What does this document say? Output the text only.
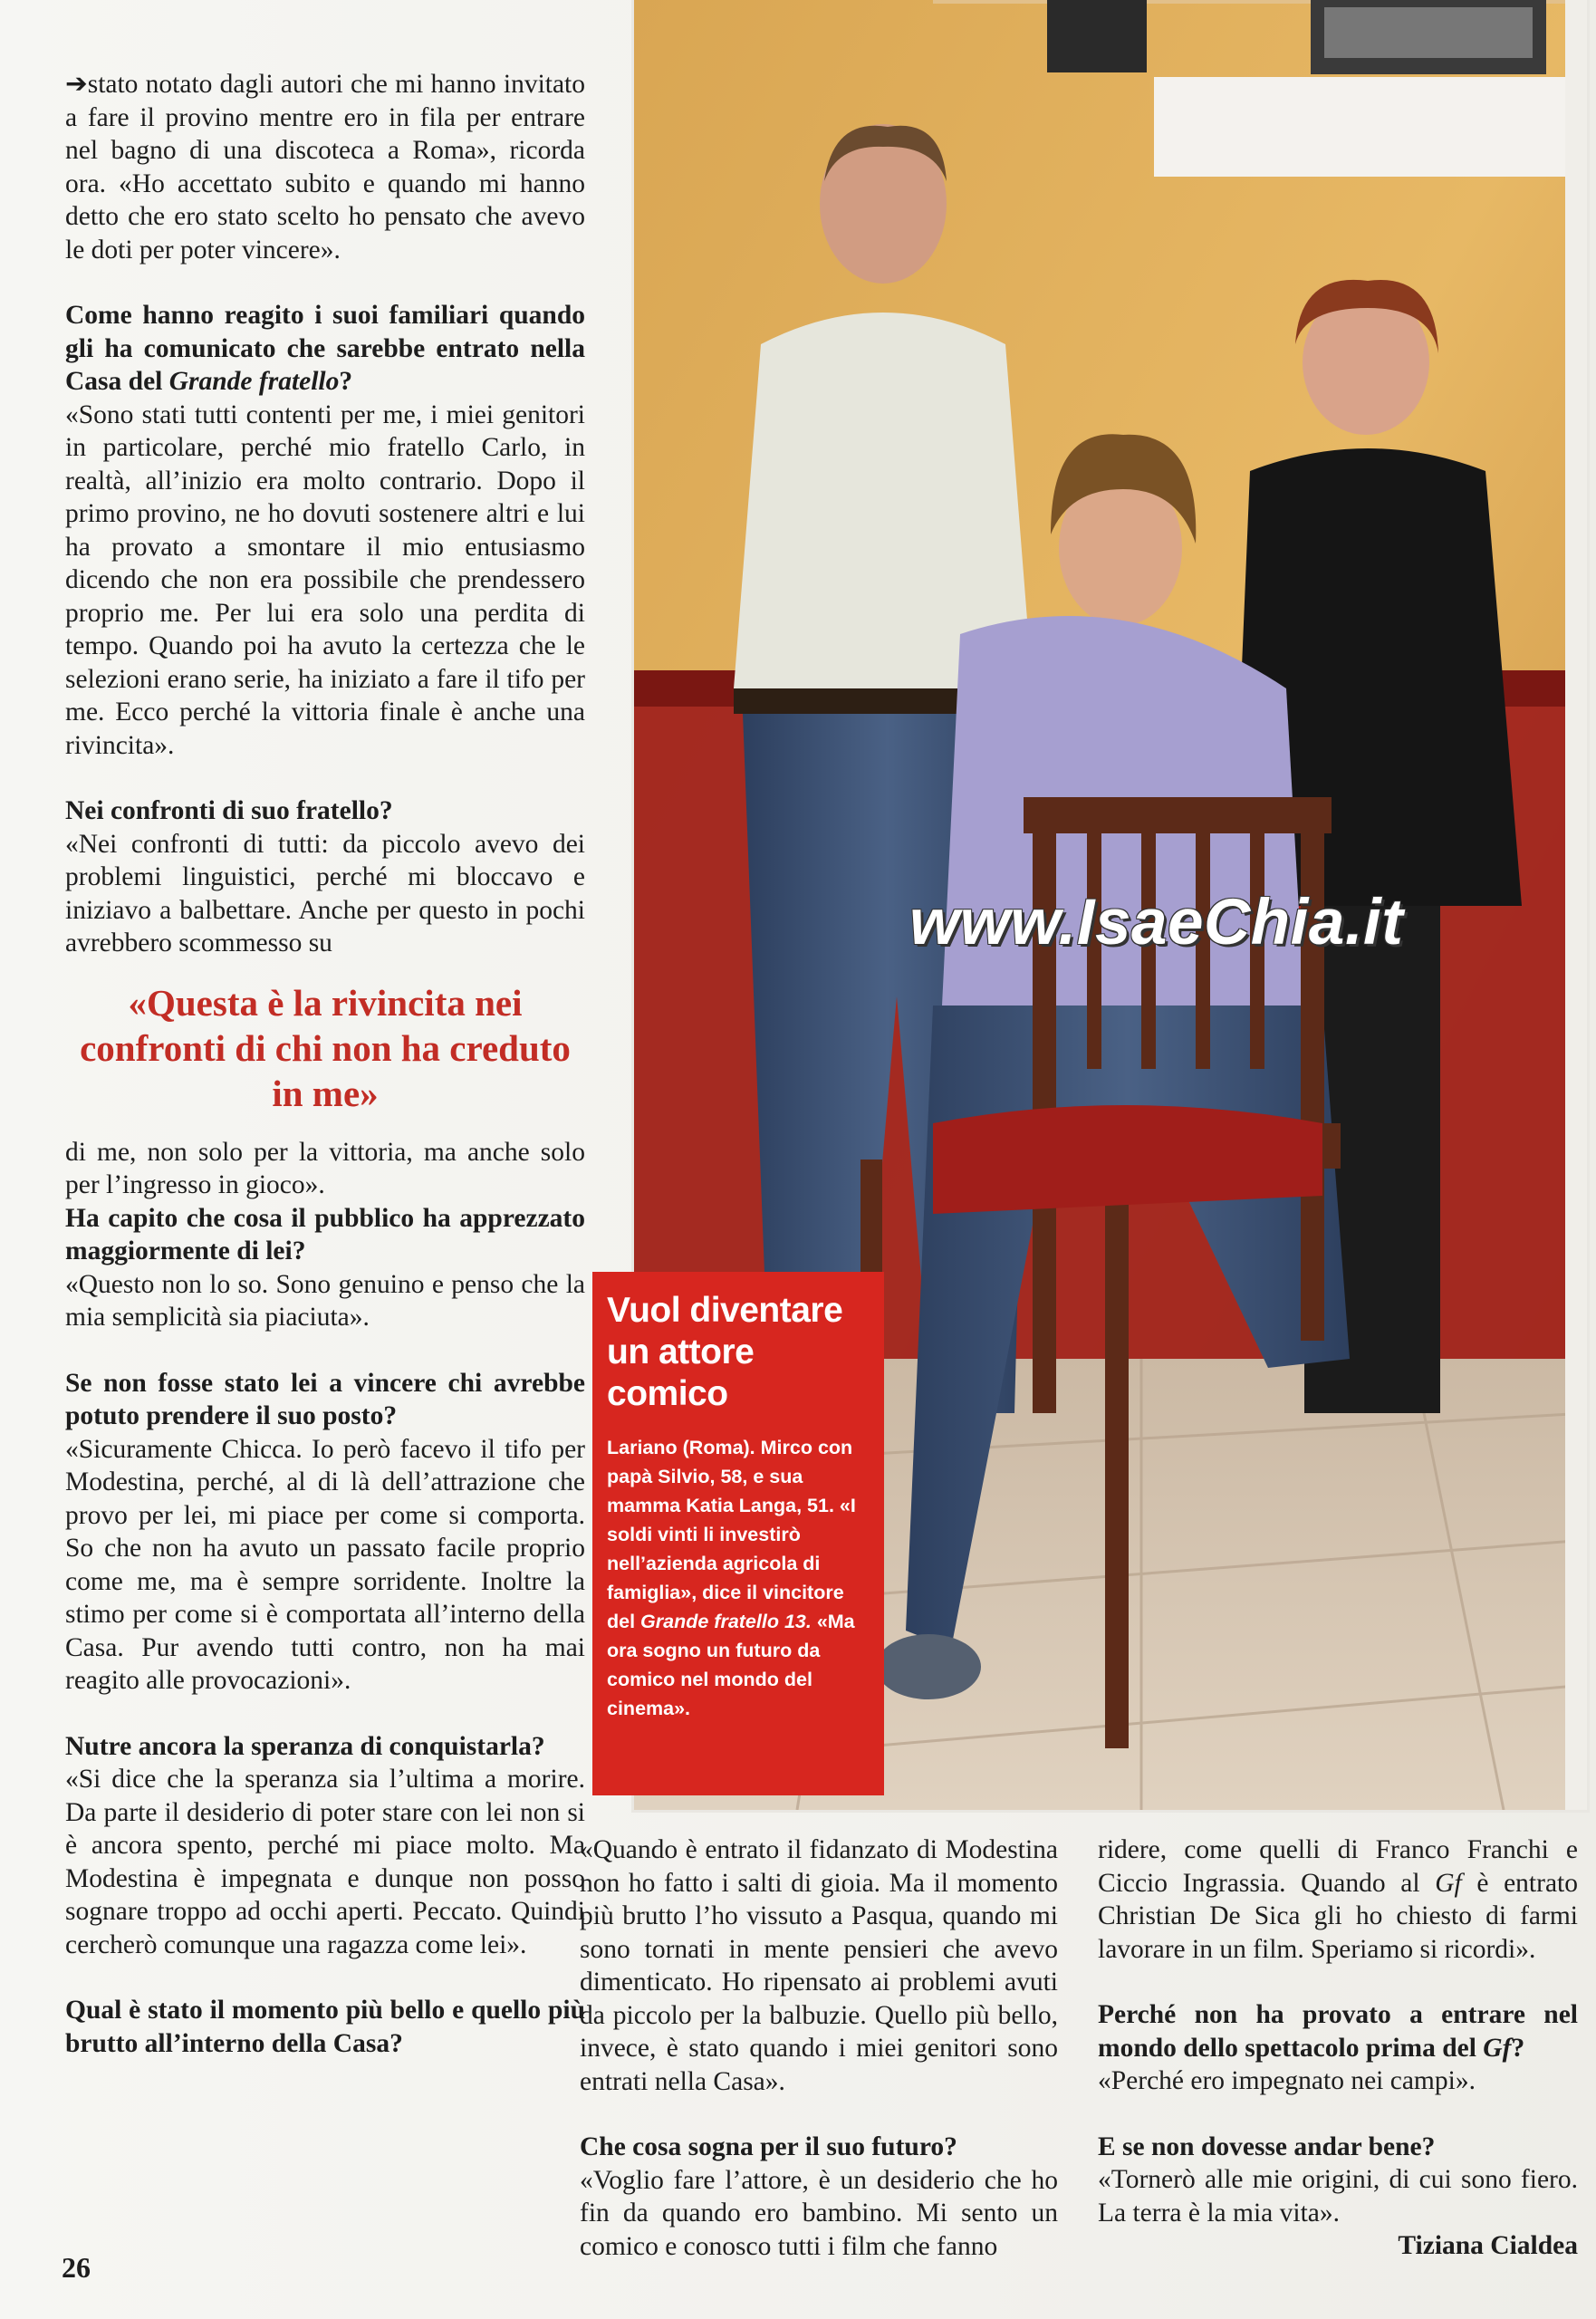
➔stato notato dagli autori che mi hanno invitato a fare il provino mentre ero in fila per entrare nel bagno di una discoteca a Roma», ricorda ora. «Ho accettato subito e quando mi hanno detto che ero stato scelto ho pensato che avevo le doti per poter vincere».

Come hanno reagito i suoi familiari quando gli ha comunicato che sarebbe entrato nella Casa del Grande fratello?

«Sono stati tutti contenti per me, i miei genitori in particolare, perché mio fratello Carlo, in realtà, all’inizio era molto contrario. Dopo il primo provino, ne ho dovuti sostenere altri e lui ha provato a smontare il mio entusiasmo dicendo che non era possibile che prendessero proprio me. Per lui era solo una perdita di tempo. Quando poi ha avuto la certezza che le selezioni erano serie, ha iniziato a fare il tifo per me. Ecco perché la vittoria finale è anche una rivincita».

Nei confronti di suo fratello?

«Nei confronti di tutti: da piccolo avevo dei problemi linguistici, perché mi bloccavo e iniziavo a balbettare. Anche per questo in pochi avrebbero scommesso su

«Questa è la rivincita nei confronti di chi non ha creduto in me»

di me, non solo per la vittoria, ma anche solo per l’ingresso in gioco».

Ha capito che cosa il pubblico ha apprezzato maggiormente di lei?

«Questo non lo so. Sono genuino e penso che la mia semplicità sia piaciuta».

Se non fosse stato lei a vincere chi avrebbe potuto prendere il suo posto?

«Sicuramente Chicca. Io però facevo il tifo per Modestina, perché, al di là dell’attrazione che provo per lei, mi piace per come si comporta. So che non ha avuto un passato facile proprio come me, ma è sempre sorridente. Inoltre la stimo per come si è comportata all’interno della Casa. Pur avendo tutti contro, non ha mai reagito alle provocazioni».

Nutre ancora la speranza di conquistarla?

«Si dice che la speranza sia l’ultima a morire. Da parte il desiderio di poter stare con lei non si è ancora spento, perché mi piace molto. Ma Modestina è impegnata e dunque non posso sognare troppo ad occhi aperti. Peccato. Quindi cercherò comunque una ragazza come lei».

Qual è stato il momento più bello e quello più brutto all’interno della Casa?

www.IsaeChia.it
Vuol diventare un attore comico
Lariano (Roma). Mirco con papà Silvio, 58, e sua mamma Katia Langa, 51. «I soldi vinti li investirò nell’azienda agricola di famiglia», dice il vincitore del Grande fratello 13. «Ma ora sogno un futuro da comico nel mondo del cinema».

«Quando è entrato il fidanzato di Modestina non ho fatto i salti di gioia. Ma il momento più brutto l’ho vissuto a Pasqua, quando mi sono tornati in mente pensieri che avevo dimenticato. Ho ripensato ai problemi avuti da piccolo per la balbuzie. Quello più bello, invece, è stato quando i miei genitori sono entrati nella Casa».

Che cosa sogna per il suo futuro?

«Voglio fare l’attore, è un desiderio che ho fin da quando ero bambino. Mi sento un comico e conosco tutti i film che fanno

ridere, come quelli di Franco Franchi e Ciccio Ingrassia. Quando al Gf è entrato Christian De Sica gli ho chiesto di farmi lavorare in un film. Speriamo si ricordi».

Perché non ha provato a entrare nel mondo dello spettacolo prima del Gf?

«Perché ero impegnato nei campi».

E se non dovesse andar bene?

«Tornerò alle mie origini, di cui sono fiero. La terra è la mia vita».

Tiziana Cialdea

26
